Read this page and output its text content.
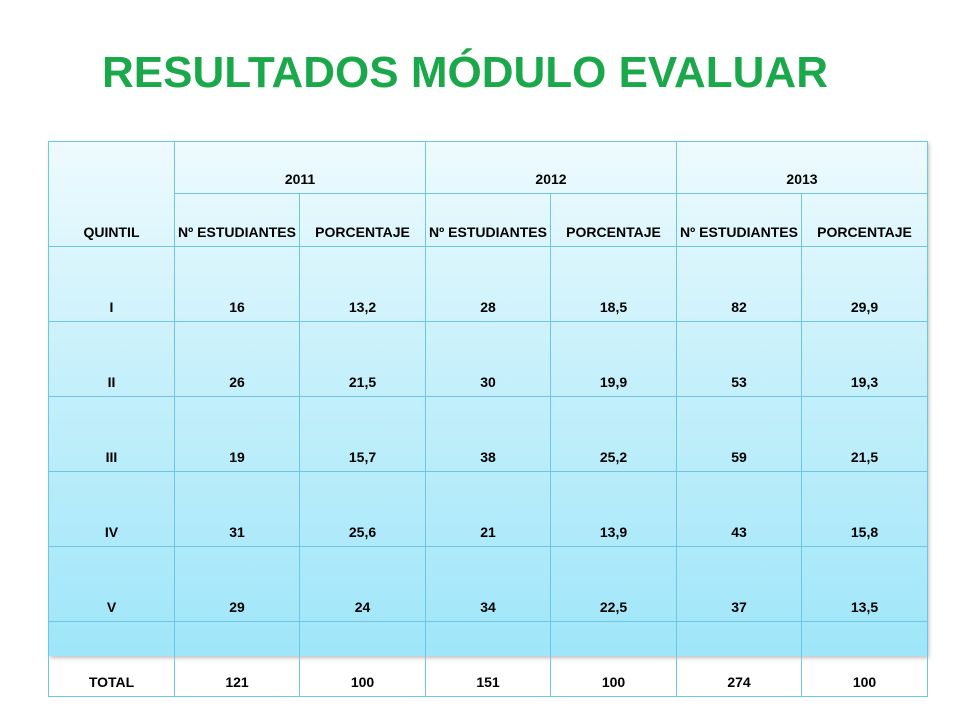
RESULTADOS MÓDULO EVALUAR
QUINTIL	2011		2012		2013	
	Nº ESTUDIANTES	PORCENTAJE	Nº ESTUDIANTES	PORCENTAJE	Nº ESTUDIANTES	PORCENTAJE
I	16	13,2	28	18,5	82	29,9
II	26	21,5	30	19,9	53	19,3
III	19	15,7	38	25,2	59	21,5
IV	31	25,6	21	13,9	43	15,8
V	29	24	34	22,5	37	13,5
TOTAL	121	100	151	100	274	100
